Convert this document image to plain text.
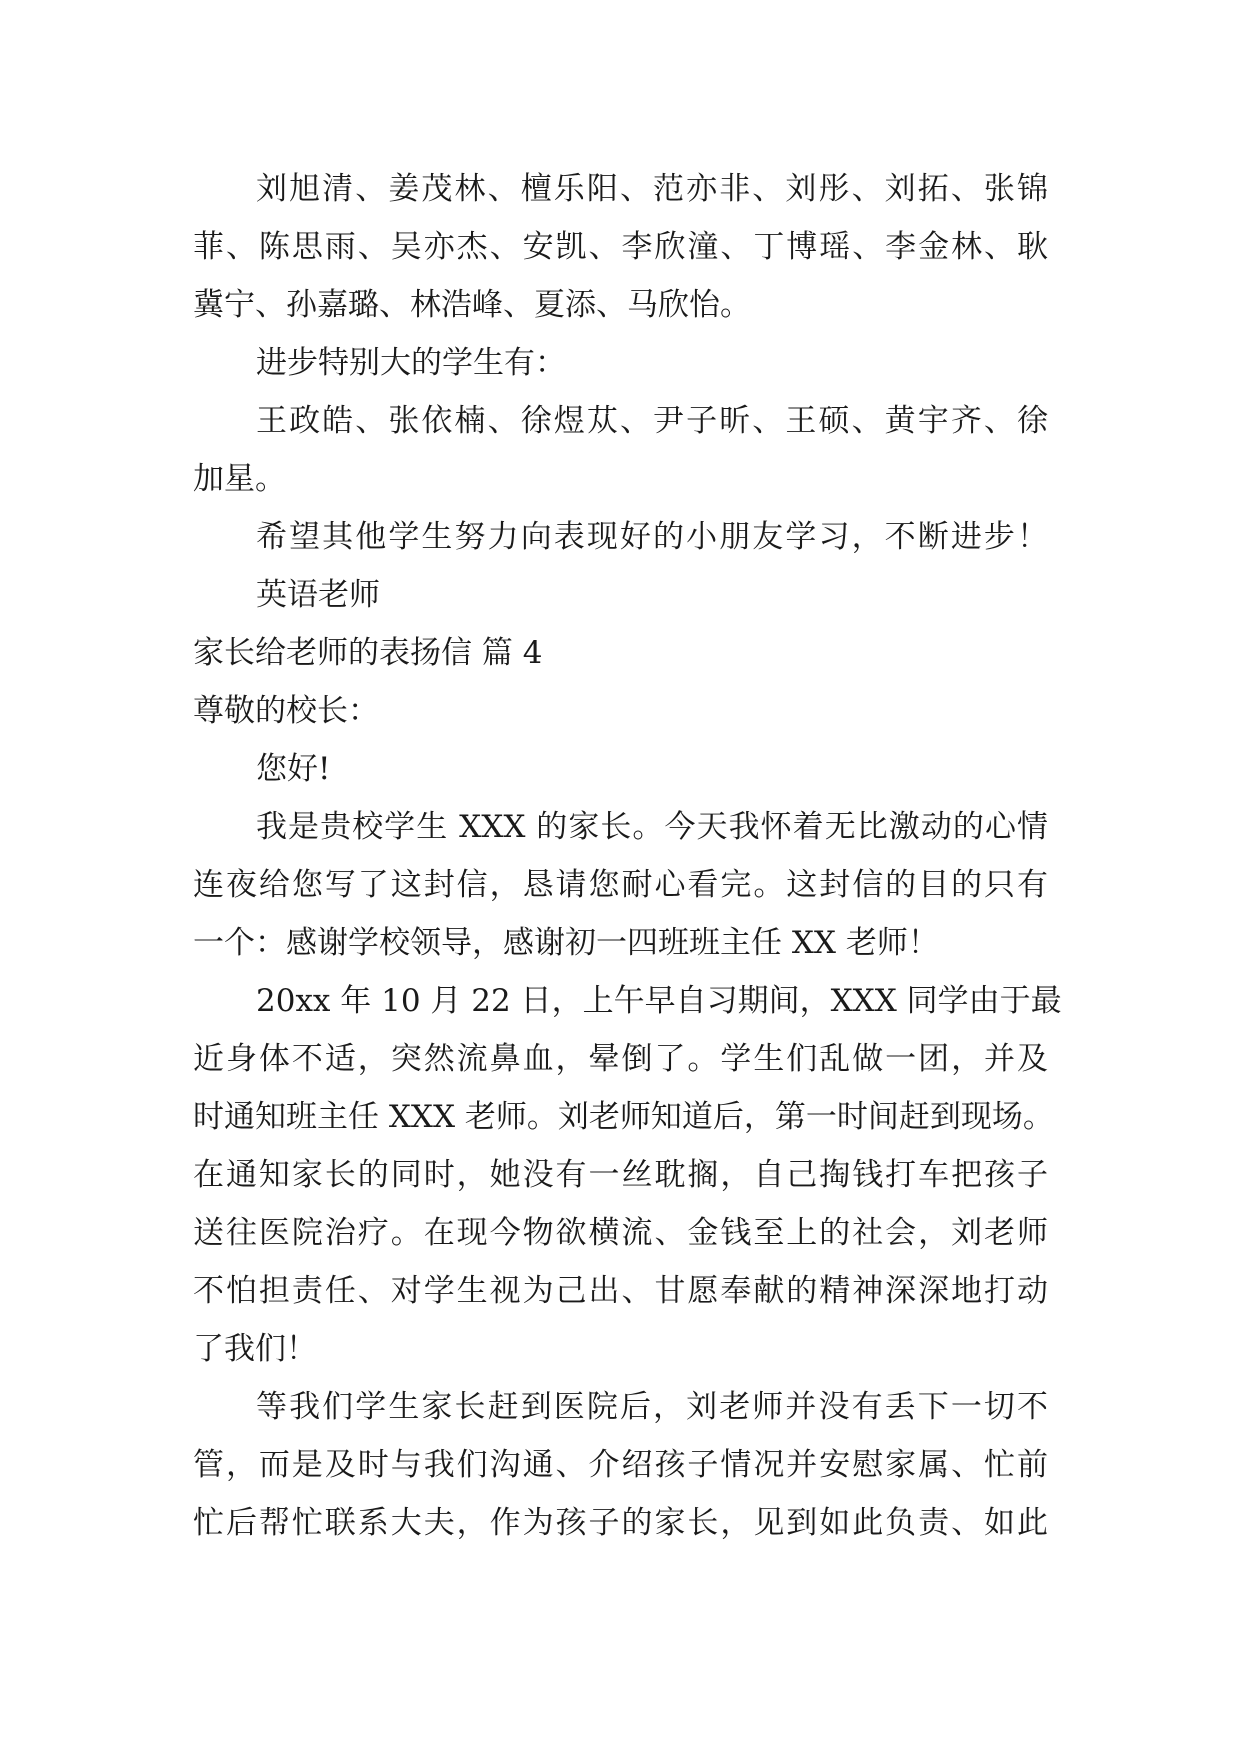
刘旭清、姜茂林、檀乐阳、范亦非、刘彤、刘拓、张锦
菲、陈思雨、吴亦杰、安凯、李欣潼、丁博瑶、李金林、耿
冀宁、孙嘉璐、林浩峰、夏添、马欣怡。
进步特别大的学生有：
王政皓、张依楠、徐煜苁、尹子昕、王硕、黄宇齐、徐
加星。
希望其他学生努力向表现好的小朋友学习，不断进步！
英语老师
家长给老师的表扬信 篇 4
尊敬的校长：
您好!
我是贵校学生 XXX 的家长。今天我怀着无比激动的心情
连夜给您写了这封信，恳请您耐心看完。这封信的目的只有
一个：感谢学校领导，感谢初一四班班主任 XX 老师！
20xx 年 10 月 22 日，上午早自习期间，XXX 同学由于最
近身体不适，突然流鼻血，晕倒了。学生们乱做一团，并及
时通知班主任 XXX 老师。刘老师知道后，第一时间赶到现场。
在通知家长的同时，她没有一丝耽搁，自己掏钱打车把孩子
送往医院治疗。在现今物欲横流、金钱至上的社会，刘老师
不怕担责任、对学生视为己出、甘愿奉献的精神深深地打动
了我们！
等我们学生家长赶到医院后，刘老师并没有丢下一切不
管，而是及时与我们沟通、介绍孩子情况并安慰家属、忙前
忙后帮忙联系大夫，作为孩子的家长，见到如此负责、如此
